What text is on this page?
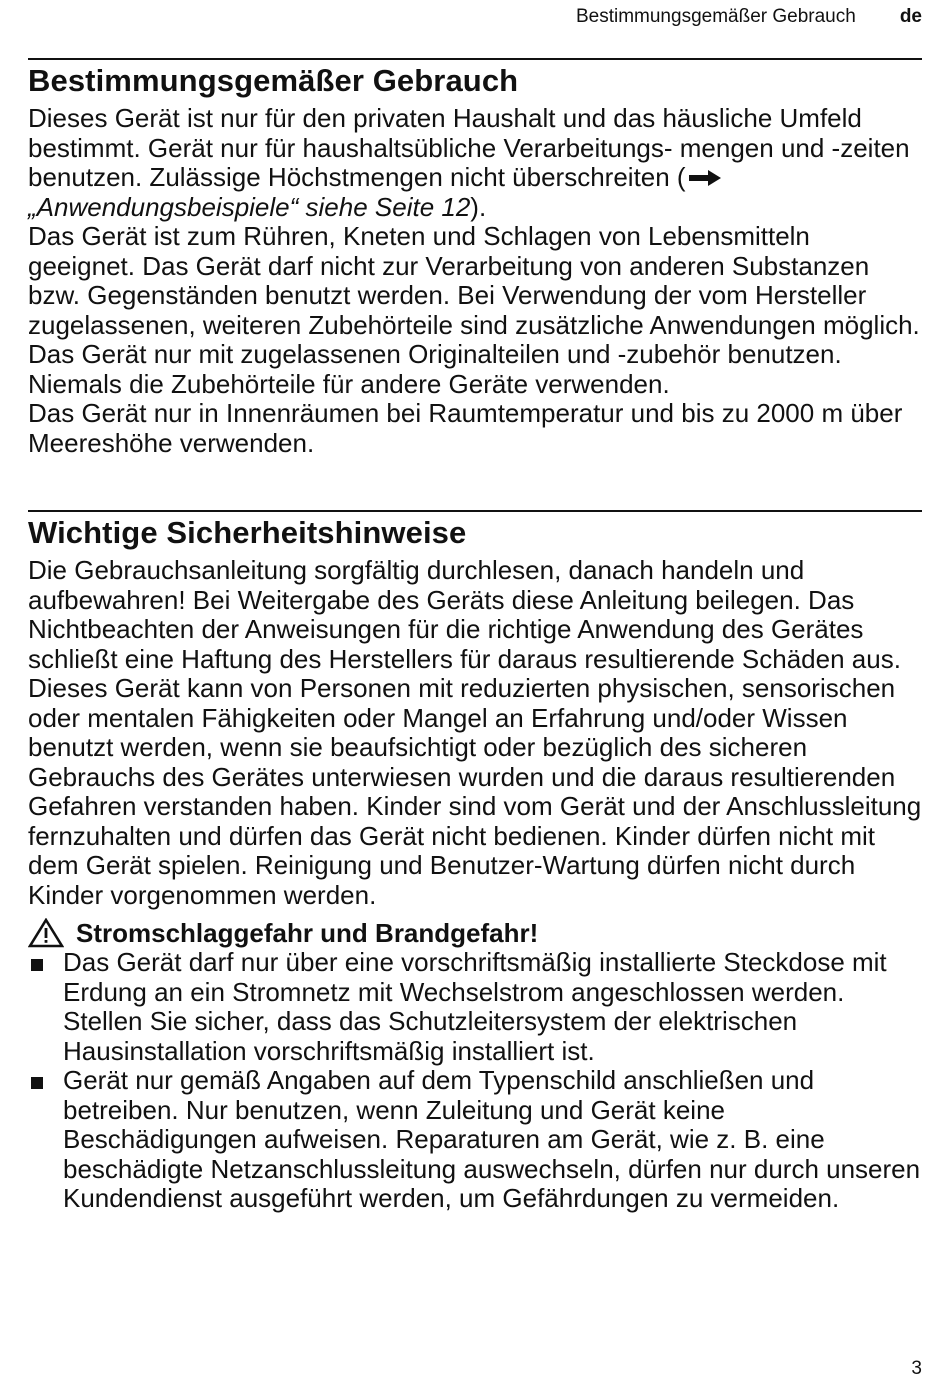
Bestimmungsgemäßer Gebrauch de
Bestimmungsgemäßer Gebrauch

Dieses Gerät ist nur für den privaten Haushalt und das häusliche Umfeld bestimmt. Gerät nur für haushaltsübliche Verarbeitungs- mengen und -zeiten benutzen. Zulässige Höchstmengen nicht überschreiten („Anwendungsbeispiele“ siehe Seite 12).

Das Gerät ist zum Rühren, Kneten und Schlagen von Lebensmitteln geeignet. Das Gerät darf nicht zur Verarbeitung von anderen Substanzen bzw. Gegenständen benutzt werden. Bei Verwendung der vom Hersteller zugelassenen, weiteren Zubehörteile sind zusätzliche Anwendungen möglich. Das Gerät nur mit zugelassenen Originalteilen und -zubehör benutzen. Niemals die Zubehörteile für andere Geräte verwenden.

Das Gerät nur in Innenräumen bei Raumtemperatur und bis zu 2000 m über Meereshöhe verwenden.

Wichtige Sicherheitshinweise

Die Gebrauchsanleitung sorgfältig durchlesen, danach handeln und aufbewahren! Bei Weitergabe des Geräts diese Anleitung beilegen. Das Nichtbeachten der Anweisungen für die richtige Anwendung des Gerätes schließt eine Haftung des Herstellers für daraus resultierende Schäden aus.

Dieses Gerät kann von Personen mit reduzierten physischen, sensorischen oder mentalen Fähigkeiten oder Mangel an Erfahrung und/oder Wissen benutzt werden, wenn sie beaufsichtigt oder bezüglich des sicheren Gebrauchs des Gerätes unterwiesen wurden und die daraus resultierenden Gefahren verstanden haben. Kinder sind vom Gerät und der Anschlussleitung fernzuhalten und dürfen das Gerät nicht bedienen. Kinder dürfen nicht mit dem Gerät spielen. Reinigung und Benutzer-Wartung dürfen nicht durch Kinder vorgenommen werden.

Stromschlaggefahr und Brandgefahr!
Das Gerät darf nur über eine vorschriftsmäßig installierte Steckdose mit Erdung an ein Stromnetz mit Wechselstrom angeschlossen werden. Stellen Sie sicher, dass das Schutzleitersystem der elektrischen Hausinstallation vorschriftsmäßig installiert ist.
Gerät nur gemäß Angaben auf dem Typenschild anschließen und betreiben. Nur benutzen, wenn Zuleitung und Gerät keine Beschädigungen aufweisen. Reparaturen am Gerät, wie z. B. eine beschädigte Netzanschlussleitung auswechseln, dürfen nur durch unseren Kundendienst ausgeführt werden, um Gefährdungen zu vermeiden.
3
